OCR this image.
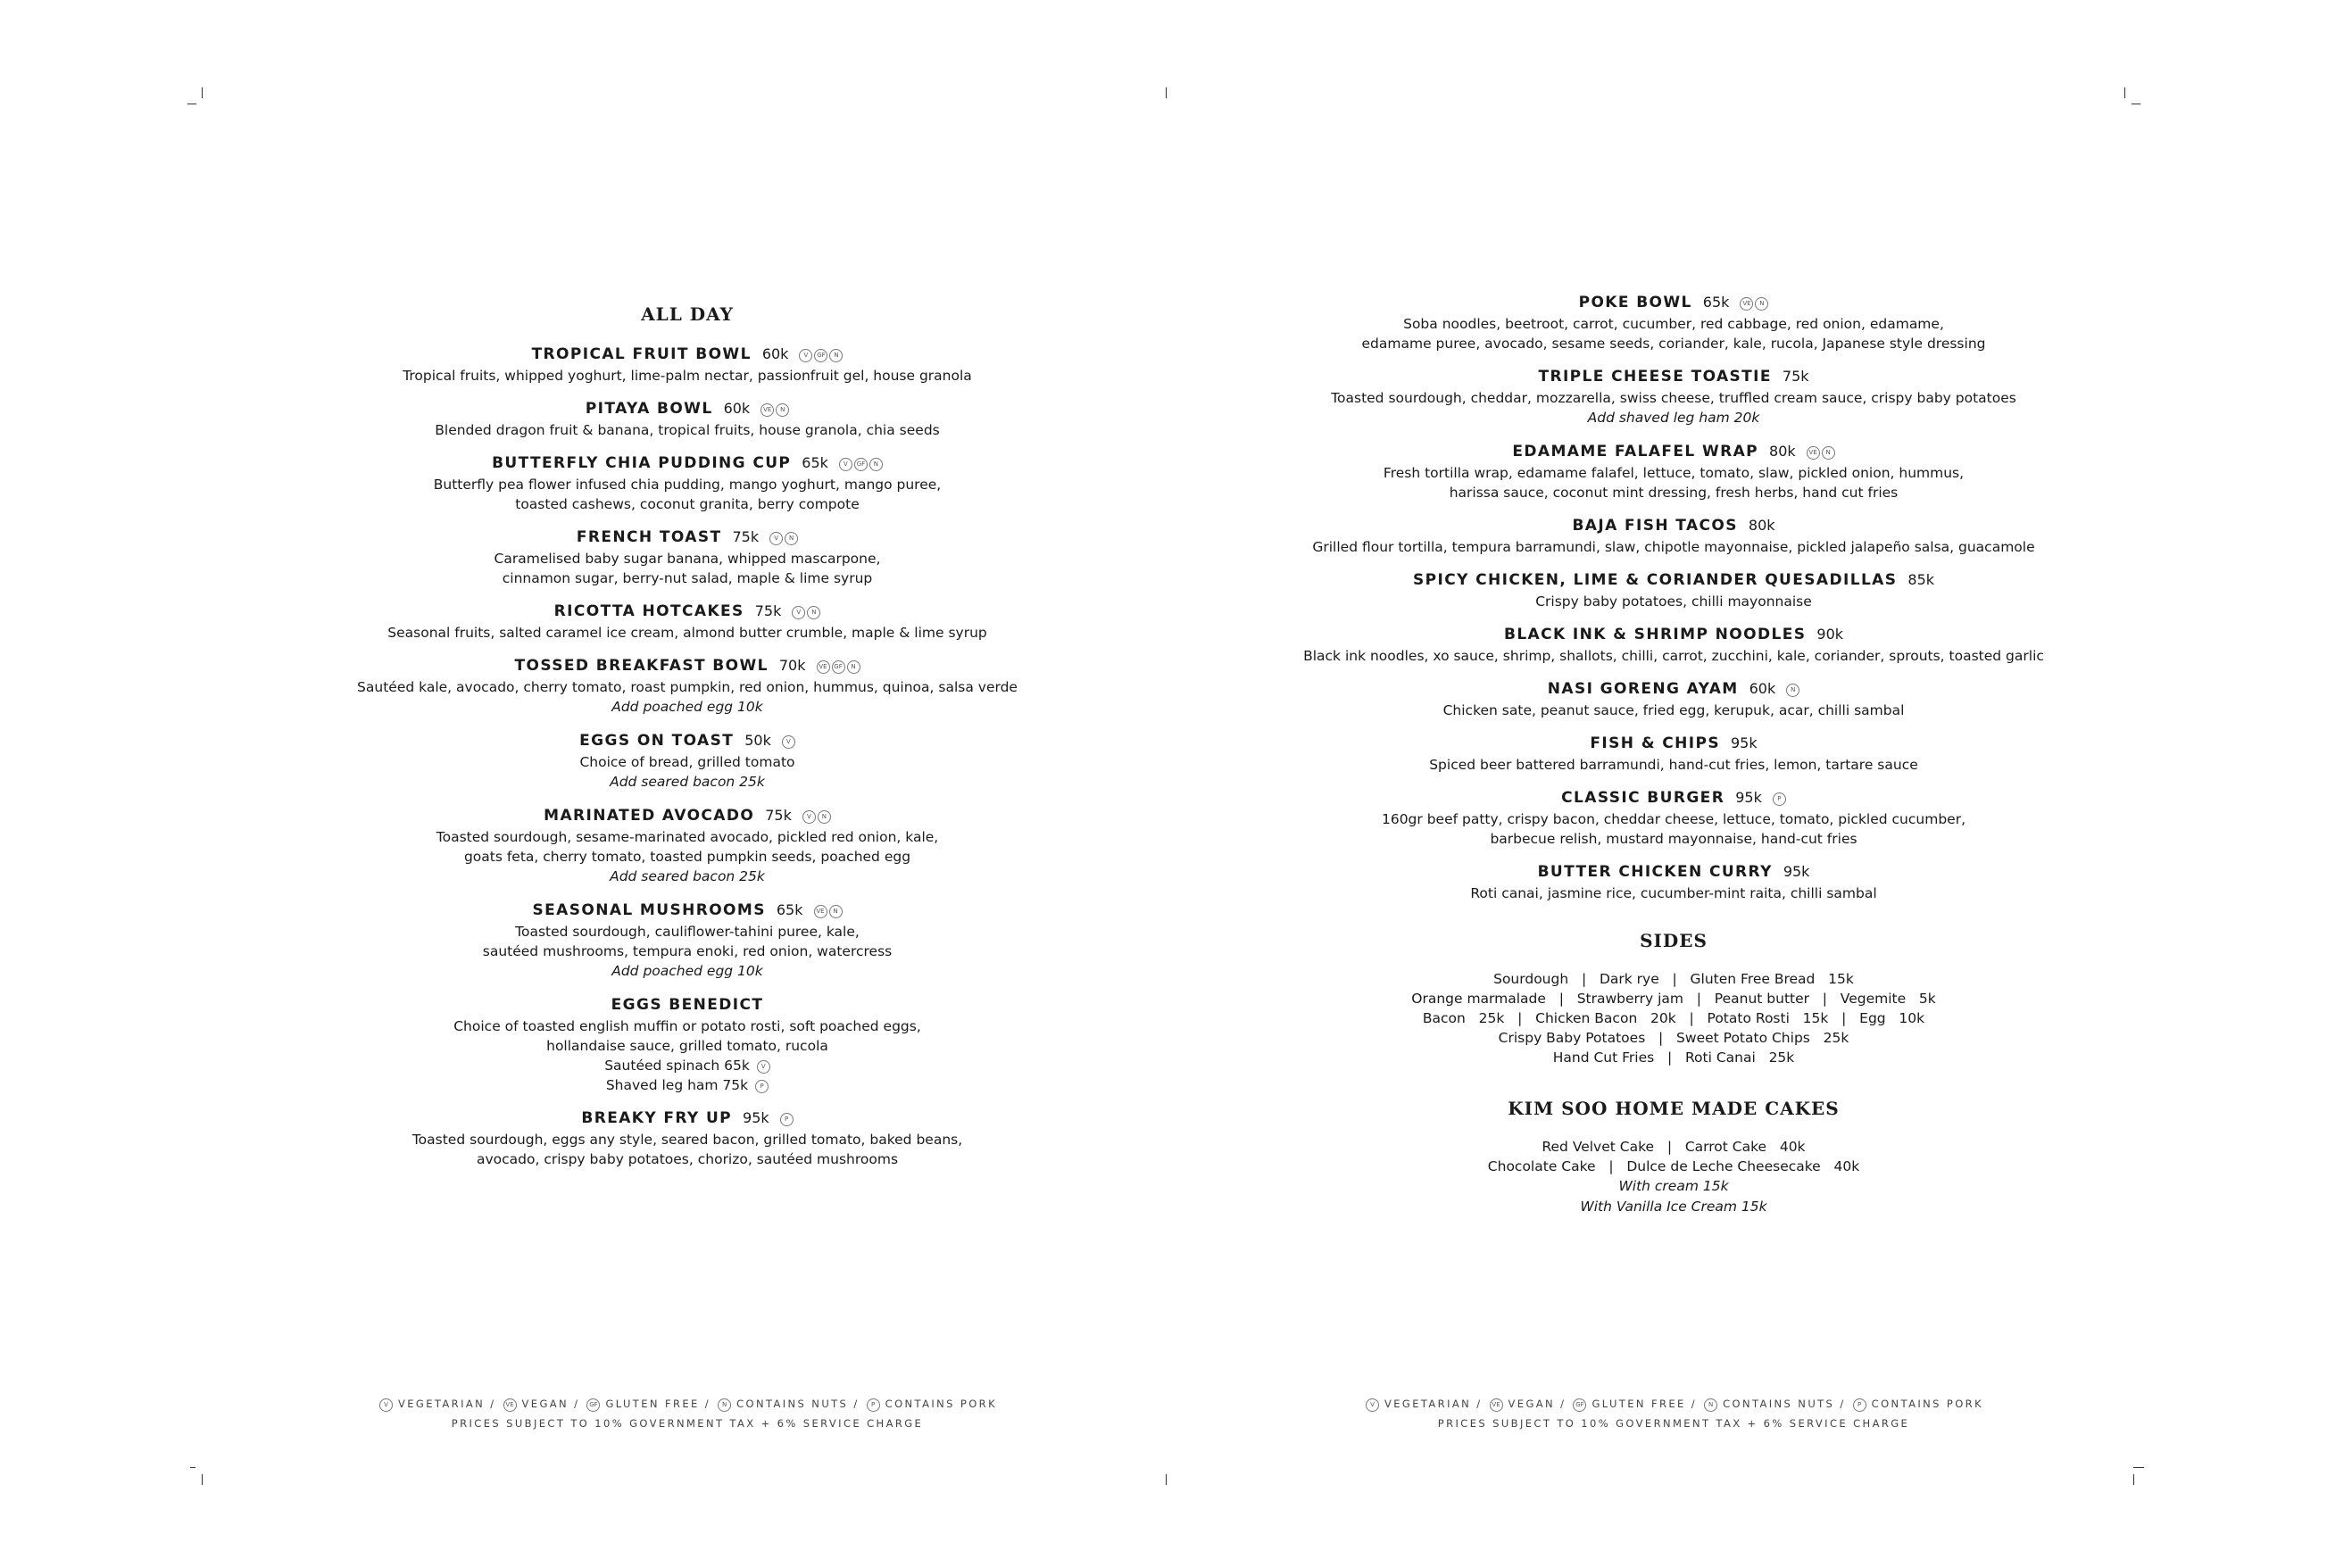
ALL DAY
TROPICAL FRUIT BOWL 60k V GF N
Tropical fruits, whipped yoghurt, lime-palm nectar, passionfruit gel, house granola
PITAYA BOWL 60k VE N
Blended dragon fruit & banana, tropical fruits, house granola, chia seeds
BUTTERFLY CHIA PUDDING CUP 65k V GF N
Butterfly pea flower infused chia pudding, mango yoghurt, mango puree,
toasted cashews, coconut granita, berry compote
FRENCH TOAST 75k V N
Caramelised baby sugar banana, whipped mascarpone,
cinnamon sugar, berry-nut salad, maple & lime syrup
RICOTTA HOTCAKES 75k V N
Seasonal fruits, salted caramel ice cream, almond butter crumble, maple & lime syrup
TOSSED BREAKFAST BOWL 70k VE GF N
Sautéed kale, avocado, cherry tomato, roast pumpkin, red onion, hummus, quinoa, salsa verde
Add poached egg 10k
EGGS ON TOAST 50k V
Choice of bread, grilled tomato
Add seared bacon 25k
MARINATED AVOCADO 75k V N
Toasted sourdough, sesame-marinated avocado, pickled red onion, kale,
goats feta, cherry tomato, toasted pumpkin seeds, poached egg
Add seared bacon 25k
SEASONAL MUSHROOMS 65k VE N
Toasted sourdough, cauliflower-tahini puree, kale,
sautéed mushrooms, tempura enoki, red onion, watercress
Add poached egg 10k
EGGS BENEDICT
Choice of toasted english muffin or potato rosti, soft poached eggs,
hollandaise sauce, grilled tomato, rucola
Sautéed spinach 65k V
Shaved leg ham 75k P
BREAKY FRY UP 95k P
Toasted sourdough, eggs any style, seared bacon, grilled tomato, baked beans,
avocado, crispy baby potatoes, chorizo, sautéed mushrooms
POKE BOWL 65k VE N
Soba noodles, beetroot, carrot, cucumber, red cabbage, red onion, edamame,
edamame puree, avocado, sesame seeds, coriander, kale, rucola, Japanese style dressing
TRIPLE CHEESE TOASTIE 75k
Toasted sourdough, cheddar, mozzarella, swiss cheese, truffled cream sauce, crispy baby potatoes
Add shaved leg ham 20k
EDAMAME FALAFEL WRAP 80k VE N
Fresh tortilla wrap, edamame falafel, lettuce, tomato, slaw, pickled onion, hummus,
harissa sauce, coconut mint dressing, fresh herbs, hand cut fries
BAJA FISH TACOS 80k
Grilled flour tortilla, tempura barramundi, slaw, chipotle mayonnaise, pickled jalapeño salsa, guacamole
SPICY CHICKEN, LIME & CORIANDER QUESADILLAS 85k
Crispy baby potatoes, chilli mayonnaise
BLACK INK & SHRIMP NOODLES 90k
Black ink noodles, xo sauce, shrimp, shallots, chilli, carrot, zucchini, kale, coriander, sprouts, toasted garlic
NASI GORENG AYAM 60k N
Chicken sate, peanut sauce, fried egg, kerupuk, acar, chilli sambal
FISH & CHIPS 95k
Spiced beer battered barramundi, hand-cut fries, lemon, tartare sauce
CLASSIC BURGER 95k P
160gr beef patty, crispy bacon, cheddar cheese, lettuce, tomato, pickled cucumber,
barbecue relish, mustard mayonnaise, hand-cut fries
BUTTER CHICKEN CURRY 95k
Roti canai, jasmine rice, cucumber-mint raita, chilli sambal
SIDES
Sourdough   |   Dark rye   |   Gluten Free Bread   15k
Orange marmalade   |   Strawberry jam   |   Peanut butter   |   Vegemite   5k
Bacon   25k   |   Chicken Bacon   20k   |   Potato Rosti   15k   |   Egg   10k
Crispy Baby Potatoes   |   Sweet Potato Chips   25k
Hand Cut Fries   |   Roti Canai   25k
KIM SOO HOME MADE CAKES
Red Velvet Cake   |   Carrot Cake   40k
Chocolate Cake   |   Dulce de Leche Cheesecake   40k
With cream 15k
With Vanilla Ice Cream 15k
V VEGETARIAN / VE VEGAN / GF GLUTEN FREE / N CONTAINS NUTS / P CONTAINS PORK
PRICES SUBJECT TO 10% GOVERNMENT TAX + 6% SERVICE CHARGE
V VEGETARIAN / VE VEGAN / GF GLUTEN FREE / N CONTAINS NUTS / P CONTAINS PORK
PRICES SUBJECT TO 10% GOVERNMENT TAX + 6% SERVICE CHARGE
